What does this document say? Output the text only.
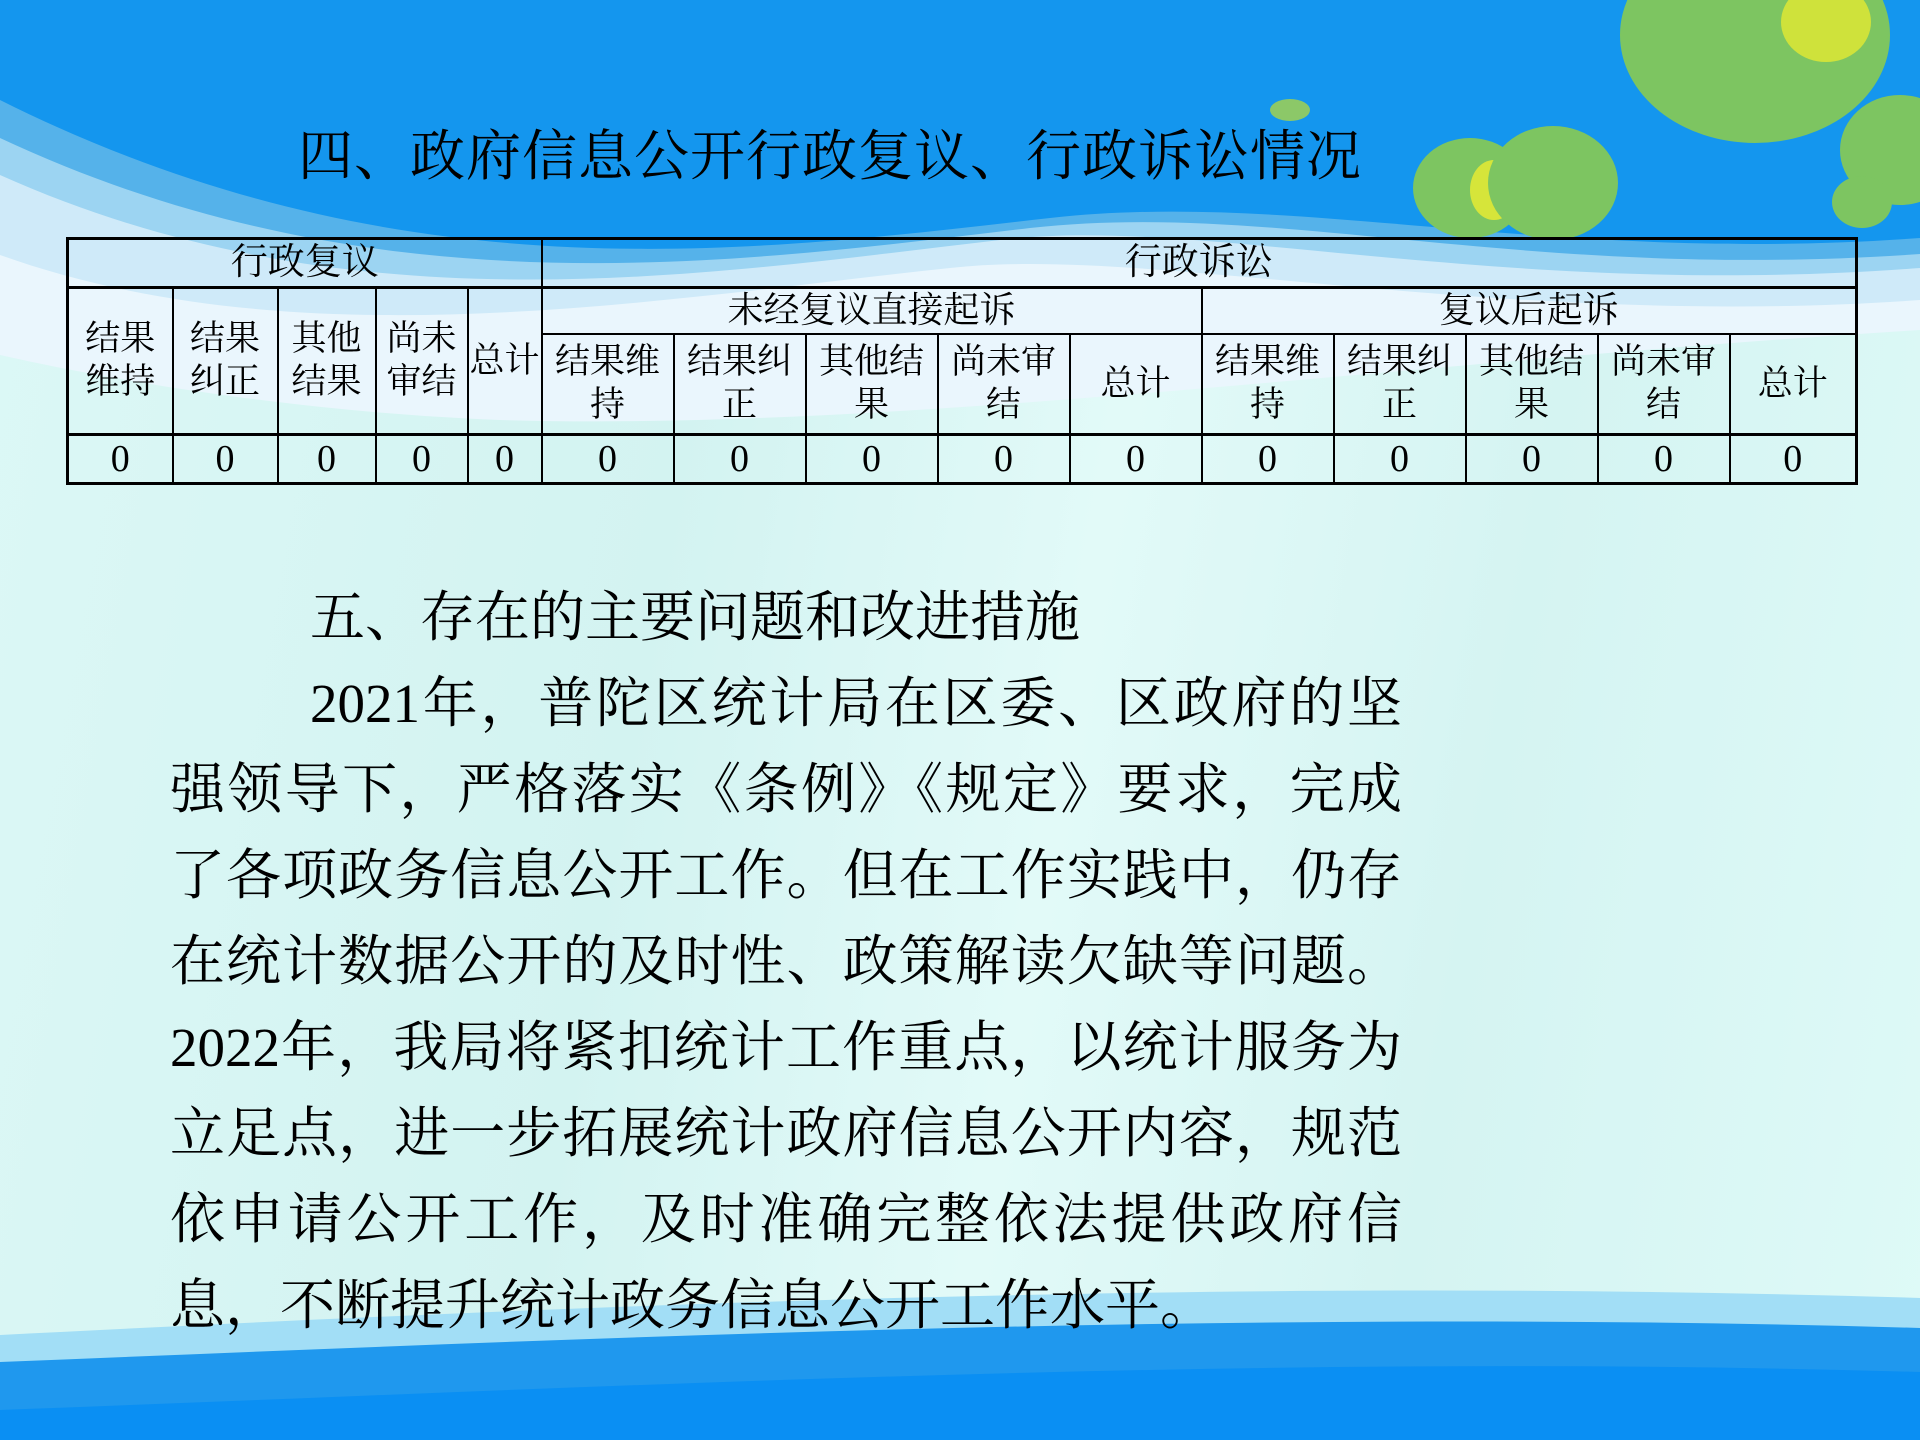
四、政府信息公开行政复议、行政诉讼情况
行政复议					行政诉讼									
结果维持	结果纠正	其他结果	尚未审结	总计	未经复议直接起诉					复议后起诉				
					结果维持	结果纠正	其他结果	尚未审结	总计	结果维持	结果纠正	其他结果	尚未审结	总计
0	0	0	0	0	0	0	0	0	0	0	0	0	0	0

五、存在的主要问题和改进措施

2021年，普陀区统计局在区委、区政府的坚强领导下，严格落实《条例》《规定》要求，完成了各项政务信息公开工作。但在工作实践中，仍存在统计数据公开的及时性、政策解读欠缺等问题。2022年，我局将紧扣统计工作重点，以统计服务为立足点，进一步拓展统计政府信息公开内容，规范依申请公开工作，及时准确完整依法提供政府信息，不断提升统计政务信息公开工作水平。
